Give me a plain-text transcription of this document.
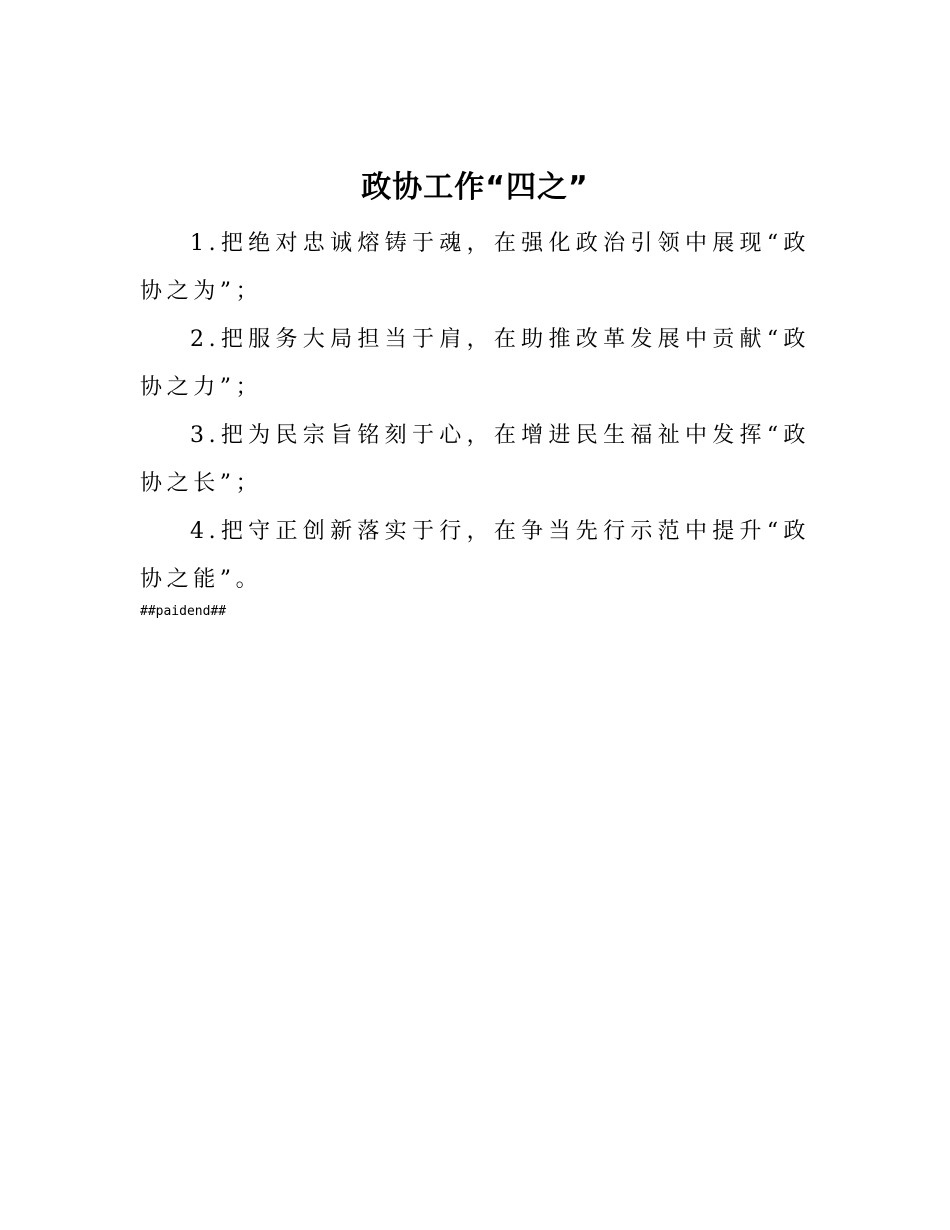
政协工作“四之”

1.把绝对忠诚熔铸于魂，在强化政治引领中展现“政协之为”；

2.把服务大局担当于肩，在助推改革发展中贡献“政协之力”；

3.把为民宗旨铭刻于心，在增进民生福祉中发挥“政协之长”；

4.把守正创新落实于行，在争当先行示范中提升“政协之能”。

##paidend##
